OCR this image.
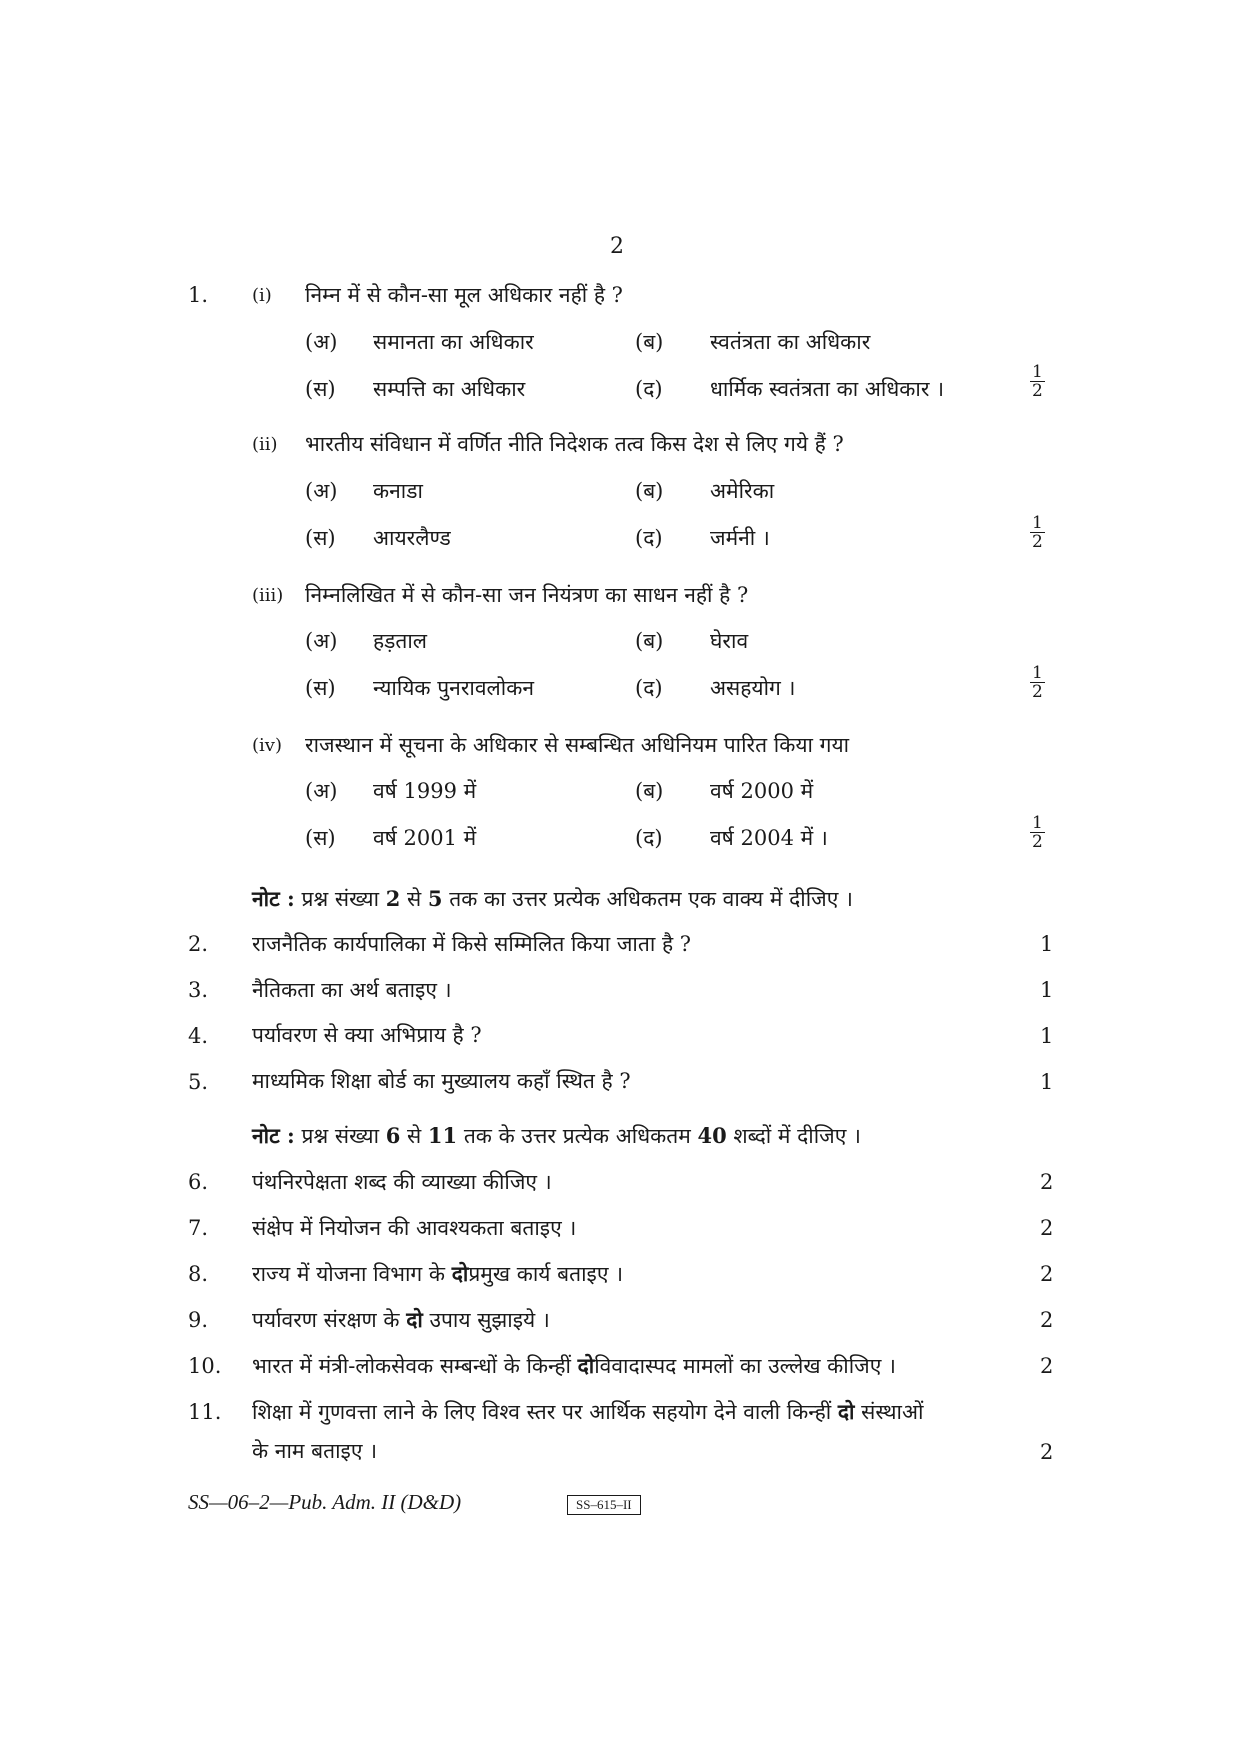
2
1. (i) निम्न में से कौन-सा मूल अधिकार नहीं है ?
(अ) समानता का अधिकार	(ब) स्वतंत्रता का अधिकार
(स) सम्पत्ति का अधिकार	(द) धार्मिक स्वतंत्रता का अधिकार ।	$\frac{1}{2}$
(ii) भारतीय संविधान में वर्णित नीति निदेशक तत्व किस देश से लिए गये हैं ?
(अ) कनाडा	(ब) अमेरिका
(स) आयरलैण्ड	(द) जर्मनी ।	$\frac{1}{2}$
(iii) निम्नलिखित में से कौन-सा जन नियंत्रण का साधन नहीं है ?
(अ) हड़ताल	(ब) घेराव
(स) न्यायिक पुनरावलोकन	(द) असहयोग ।	$\frac{1}{2}$
(iv) राजस्थान में सूचना के अधिकार से सम्बन्धित अधिनियम पारित किया गया
(अ) वर्ष 1999 में	(ब) वर्ष 2000 में
(स) वर्ष 2001 में	(द) वर्ष 2004 में ।	$\frac{1}{2}$
नोट : प्रश्न संख्या 2 से 5 तक का उत्तर प्रत्येक अधिकतम एक वाक्य में दीजिए ।
2. राजनैतिक कार्यपालिका में किसे सम्मिलित किया जाता है ?	1
3. नैतिकता का अर्थ बताइए ।	1
4. पर्यावरण से क्या अभिप्राय है ?	1
5. माध्यमिक शिक्षा बोर्ड का मुख्यालय कहाँ स्थित है ?	1
नोट : प्रश्न संख्या 6 से 11 तक के उत्तर प्रत्येक अधिकतम 40 शब्दों में दीजिए ।
6. पंथनिरपेक्षता शब्द की व्याख्या कीजिए ।	2
7. संक्षेप में नियोजन की आवश्यकता बताइए ।	2
8. राज्य में योजना विभाग के दोप्रमुख कार्य बताइए ।	2
9. पर्यावरण संरक्षण के दो उपाय सुझाइये ।	2
10. भारत में मंत्री-लोकसेवक सम्बन्धों के किन्हीं दोविवादास्पद मामलों का उल्लेख कीजिए ।	2
11. शिक्षा में गुणवत्ता लाने के लिए विश्व स्तर पर आर्थिक सहयोग देने वाली किन्हीं दो संस्थाओं
के नाम बताइए ।	2
SS—06–2—Pub. Adm. II (D&D)	SS–615–II
